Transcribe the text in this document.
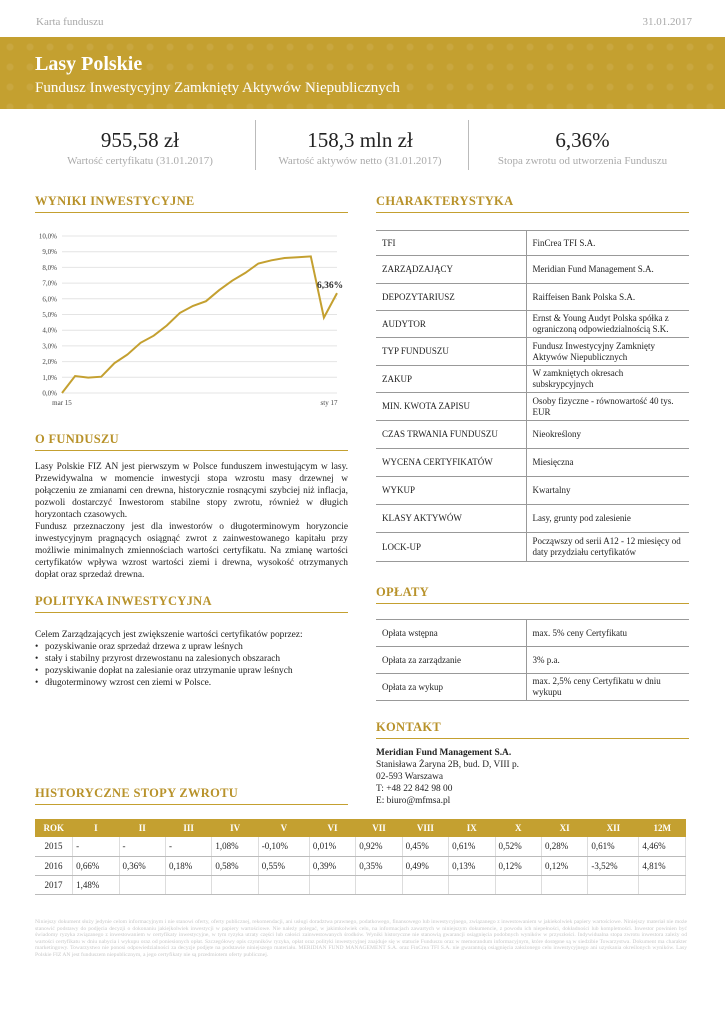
Karta funduszu	31.01.2017
Lasy Polskie
Fundusz Inwestycyjny Zamknięty Aktywów Niepublicznych
955,58 zł
Wartość certyfikatu (31.01.2017)
158,3 mln zł
Wartość aktywów netto (31.01.2017)
6,36%
Stopa zwrotu od utworzenia Funduszu
WYNIKI INWESTYCYJNE	CHARAKTERYSTYKA
O FUNDUSZU
POLITYKA INWESTYCYJNA
OPŁATY
KONTAKT
HISTORYCZNE STOPY ZWROTU
0,0%
1,0%
2,0%
3,0%
4,0%
5,0%
6,0%
7,0%
8,0%
9,0%
10,0%
mar 15	sty 17
6,36%
TFI	FinCrea TFI S.A.
ZARZĄDZAJĄCY	Meridian Fund Management S.A.
DEPOZYTARIUSZ	Raiffeisen Bank Polska S.A.
AUDYTOR	Ernst & Young Audyt Polska spółka z ograniczoną odpowiedzialnością S.K.
TYP FUNDUSZU	Fundusz Inwestycyjny Zamknięty Aktywów Niepublicznych
ZAKUP	W zamkniętych okresach subskrypcyjnych
MIN. KWOTA ZAPISU	Osoby fizyczne - równowartość 40 tys. EUR
CZAS TRWANIA FUNDUSZU	Nieokreślony
WYCENA CERTYFIKATÓW	Miesięczna
WYKUP	Kwartalny
KLASY AKTYWÓW	Lasy, grunty pod zalesienie
LOCK-UP	Począwszy od serii A12 - 12 miesięcy od daty przydziału certyfikatów

Lasy Polskie FIZ AN jest pierwszym w Polsce funduszem inwestującym w lasy. Przewidywalna w momencie inwestycji stopa wzrostu masy drzewnej w połączeniu ze zmianami cen drewna, historycznie rosnącymi szybciej niż inflacja, pozwoli dostarczyć Inwestorom stabilne stopy zwrotu, również w długich horyzontach czasowych.

Fundusz przeznaczony jest dla inwestorów o długoterminowym horyzoncie inwestycyjnym pragnących osiągnąć zwrot z zainwestowanego kapitału przy możliwie minimalnych zmiennościach wartości certyfikatu. Na zmianę wartości certyfikatów wpływa wzrost wartości ziemi i drewna, wysokość otrzymanych dopłat oraz sprzedaż drewna.

Celem Zarządzających jest zwiększenie wartości certyfikatów poprzez:
• pozyskiwanie oraz sprzedaż drzewa z upraw leśnych
• stały i stabilny przyrost drzewostanu na zalesionych obszarach
• pozyskiwanie dopłat na zalesianie oraz utrzymanie upraw leśnych
• długoterminowy wzrost cen ziemi w Polsce.
Opłata wstępna	max. 5% ceny Certyfikatu
Opłata za zarządzanie	3% p.a.
Opłata za wykup	max. 2,5% ceny Certyfikatu w dniu wykupu
Meridian Fund Management S.A.
Stanisława Żaryna 2B, bud. D, VIII p.
02-593 Warszawa
T: +48 22 842 98 00
E: biuro@mfmsa.pl
ROK	I	II	III	IV	V	VI	VII	VIII	IX	X	XI	XII	12M
2015	-	-	-	1,08%	-0,10%	0,01%	0,92%	0,45%	0,61%	0,52%	0,28%	0,61%	4,46%
2016	0,66%	0,36%	0,18%	0,58%	0,55%	0,39%	0,35%	0,49%	0,13%	0,12%	0,12%	-3,52%	4,81%
2017	1,48%												
Niniejszy dokument służy jedynie celom informacyjnym i nie stanowi oferty, oferty publicznej, rekomendacji, ani usługi doradztwa prawnego, podatkowego, finansowego lub inwestycyjnego, związanego z inwestowaniem w jakiekolwiek papiery wartościowe. Niniejszy materiał nie może stanowić podstawy do podjęcia decyzji o dokonaniu jakiejkolwiek inwestycji w papiery wartościowe. Nie należy polegać, w jakimkolwiek celu, na informacjach zawartych w niniejszym dokumencie, z powodu ich niepełności, dokładności lub kompletności. Inwestor powinien być świadomy ryzyka związanego z inwestowaniem w certyfikaty inwestycyjne, w tym ryzyka utraty części lub całości zainwestowanych środków. Wyniki historyczne nie stanowią gwarancji osiągnięcia podobnych wyników w przyszłości. Indywidualna stopa zwrotu inwestora zależy od wartości certyfikatu w dniu nabycia i wykupu oraz od poniesionych opłat. Szczegółowy opis czynników ryzyka, opłat oraz polityki inwestycyjnej znajduje się w statucie Funduszu oraz w memorandum informacyjnym, które dostępne są w siedzibie Towarzystwa. Dokument ma charakter marketingowy. Towarzystwo nie ponosi odpowiedzialności za decyzje podjęte na podstawie niniejszego materiału. MERIDIAN FUND MANAGEMENT S.A. oraz FinCrea TFI S.A. nie gwarantują osiągnięcia założonego celu inwestycyjnego ani uzyskania określonych wyników. Lasy Polskie FIZ AN jest funduszem niepublicznym, a jego certyfikaty nie są przedmiotem oferty publicznej.
